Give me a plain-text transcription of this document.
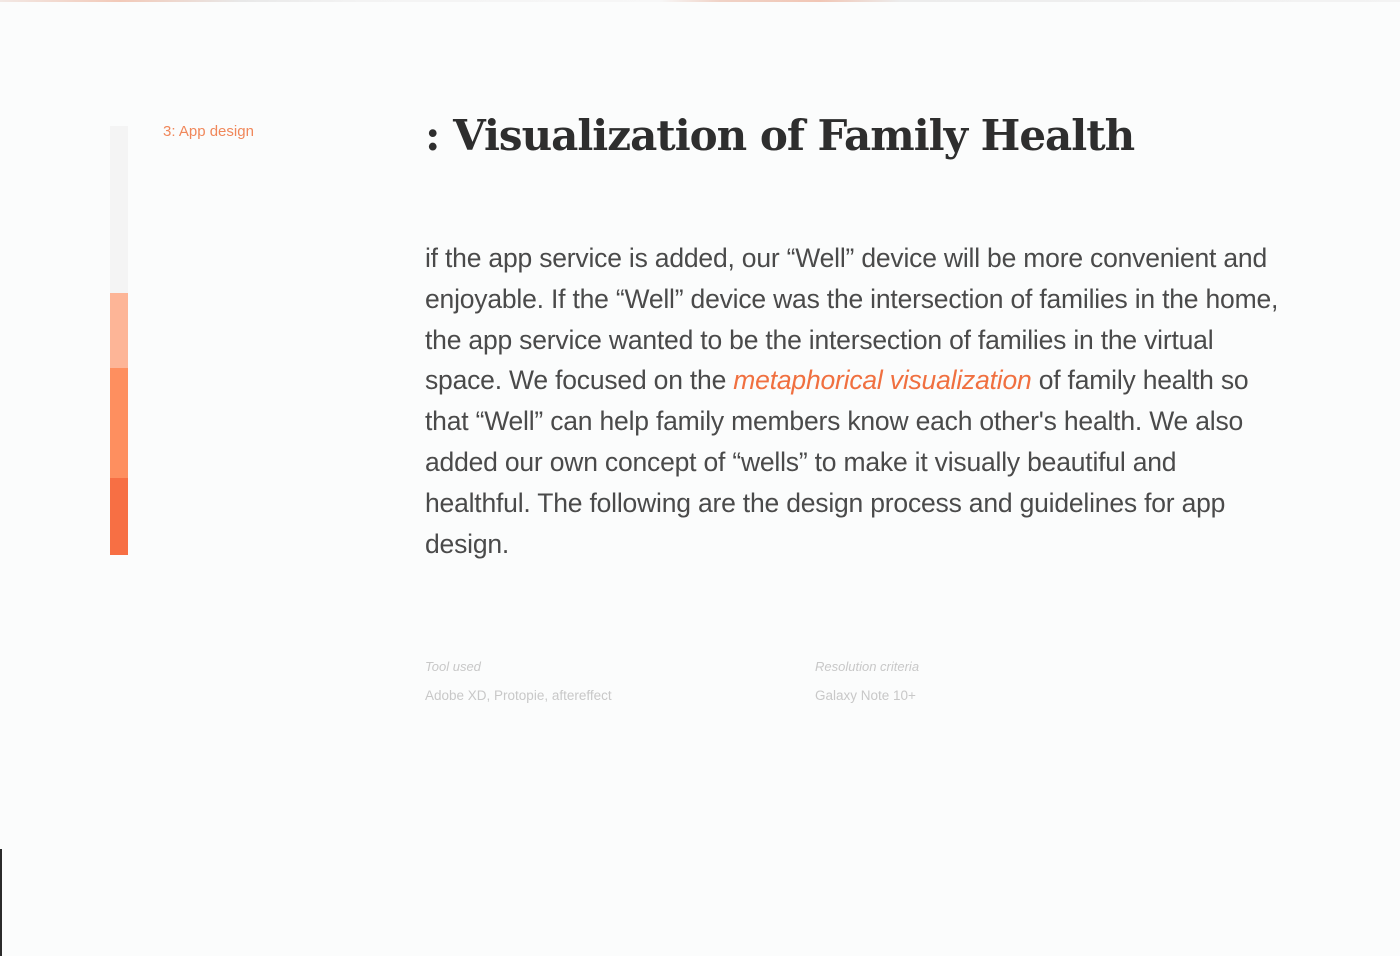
3: App design	: Visualization of Family Health

if the app service is added, our “Well” device will be more convenient and enjoyable. If the “Well” device was the intersection of families in the home, the app service wanted to be the intersection of families in the virtual space. We focused on the metaphorical visualization of family health so that “Well” can help family members know each other's health. We also added our own concept of “wells” to make it visually beautiful and healthful. The following are the design process and guidelines for app design.

Tool used
Adobe XD, Protopie, aftereffect
Resolution criteria
Galaxy Note 10+
